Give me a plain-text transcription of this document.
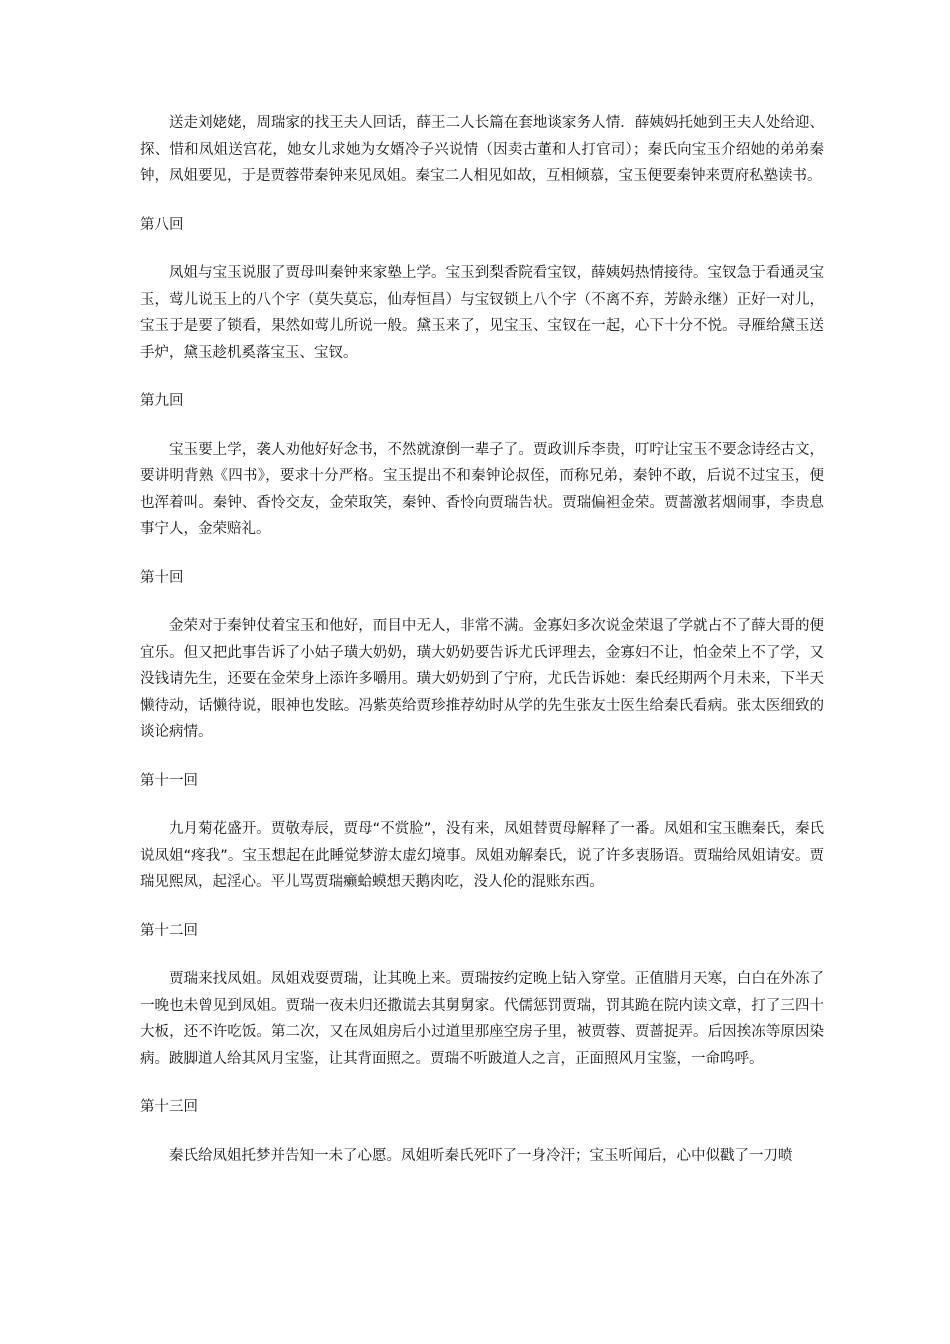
送走刘姥姥，周瑞家的找王夫人回话，薛王二人长篇在套地谈家务人情．薛姨妈托她到王夫人处给迎、探、惜和凤姐送宫花，她女儿求她为女婿冷子兴说情（因卖古董和人打官司）；秦氏向宝玉介绍她的弟弟秦钟，凤姐要见，于是贾蓉带秦钟来见凤姐。秦宝二人相见如故，互相倾慕，宝玉便要秦钟来贾府私塾读书。

第八回

凤姐与宝玉说服了贾母叫秦钟来家塾上学。宝玉到梨香院看宝钗，薛姨妈热情接待。宝钗急于看通灵宝玉，莺儿说玉上的八个字（莫失莫忘，仙寿恒昌）与宝钗锁上八个字（不离不弃，芳龄永继）正好一对儿，宝玉于是要了锁看，果然如莺儿所说一般。黛玉来了，见宝玉、宝钗在一起，心下十分不悦。寻雁给黛玉送手炉，黛玉趁机奚落宝玉、宝钗。

第九回

宝玉要上学，袭人劝他好好念书，不然就潦倒一辈子了。贾政训斥李贵，叮咛让宝玉不要念诗经古文，要讲明背熟《四书》，要求十分严格。宝玉提出不和秦钟论叔侄，而称兄弟，秦钟不敢，后说不过宝玉，便也浑着叫。秦钟、香怜交友，金荣取笑，秦钟、香怜向贾瑞告状。贾瑞偏袒金荣。贾蔷激茗烟闹事，李贵息事宁人，金荣赔礼。

第十回

金荣对于秦钟仗着宝玉和他好，而目中无人，非常不满。金寡妇多次说金荣退了学就占不了薛大哥的便宜乐。但又把此事告诉了小姑子璜大奶奶，璜大奶奶要告诉尤氏评理去，金寡妇不让，怕金荣上不了学，又没钱请先生，还要在金荣身上添许多嚼用。璜大奶奶到了宁府，尤氏告诉她：秦氏经期两个月未来，下半天懒待动，话懒待说，眼神也发眩。冯紫英给贾珍推荐幼时从学的先生张友士医生给秦氏看病。张太医细致的谈论病情。

第十一回

九月菊花盛开。贾敬寿辰，贾母“不赏脸”，没有来，凤姐替贾母解释了一番。凤姐和宝玉瞧秦氏，秦氏说凤姐“疼我”。宝玉想起在此睡觉梦游太虚幻境事。凤姐劝解秦氏，说了许多衷肠语。贾瑞给凤姐请安。贾瑞见熙凤，起淫心。平儿骂贾瑞癞蛤蟆想天鹅肉吃，没人伦的混账东西。

第十二回

贾瑞来找凤姐。凤姐戏耍贾瑞，让其晚上来。贾瑞按约定晚上钻入穿堂。正值腊月天寒，白白在外冻了一晚也未曾见到凤姐。贾瑞一夜未归还撒谎去其舅舅家。代儒惩罚贾瑞，罚其跪在院内读文章，打了三四十大板，还不许吃饭。第二次，又在凤姐房后小过道里那座空房子里，被贾蓉、贾蔷捉弄。后因挨冻等原因染病。跛脚道人给其风月宝鉴，让其背面照之。贾瑞不听跛道人之言，正面照风月宝鉴，一命呜呼。

第十三回

秦氏给凤姐托梦并告知一未了心愿。凤姐听秦氏死吓了一身冷汗；宝玉听闻后，心中似戳了一刀喷
